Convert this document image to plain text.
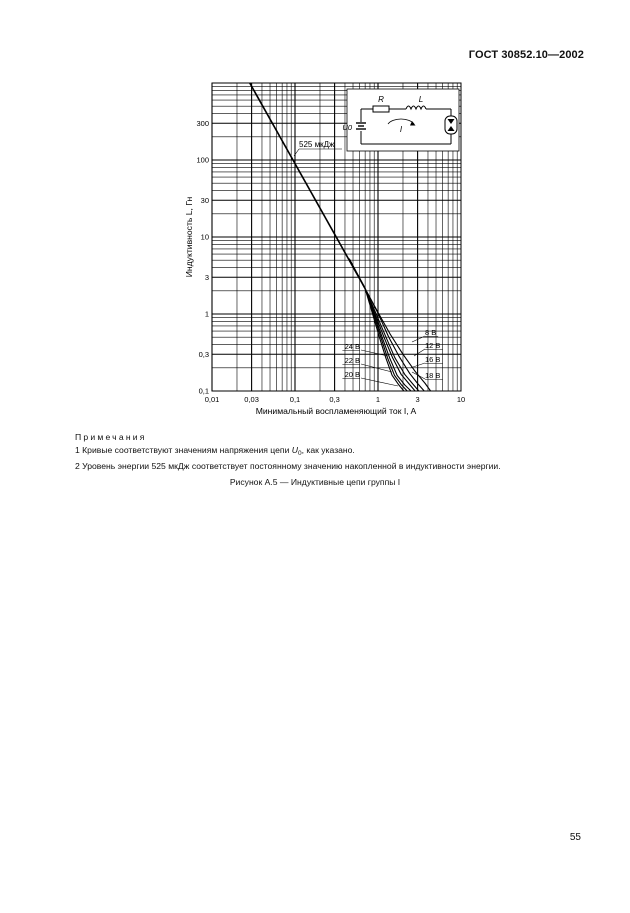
ГОСТ 30852.10—2002
0,01	0,03	0,1	0,3	1	3	10
0,1
0,3
1
3
10
30
100
300
525 мкДж
8 В
12 В
16 В
18 В
24 В
22 В
20 В
Минимальный воспламеняющий ток I, A
Индуктивность L, Гн
R	L
U0	I
Примечания
1 Кривые соответствуют значениям напряжения цепи $U_0$, как указано.
2 Уровень энергии 525 мкДж соответствует постоянному значению накопленной в индуктивности энергии.
Рисунок А.5 — Индуктивные цепи группы I
55
